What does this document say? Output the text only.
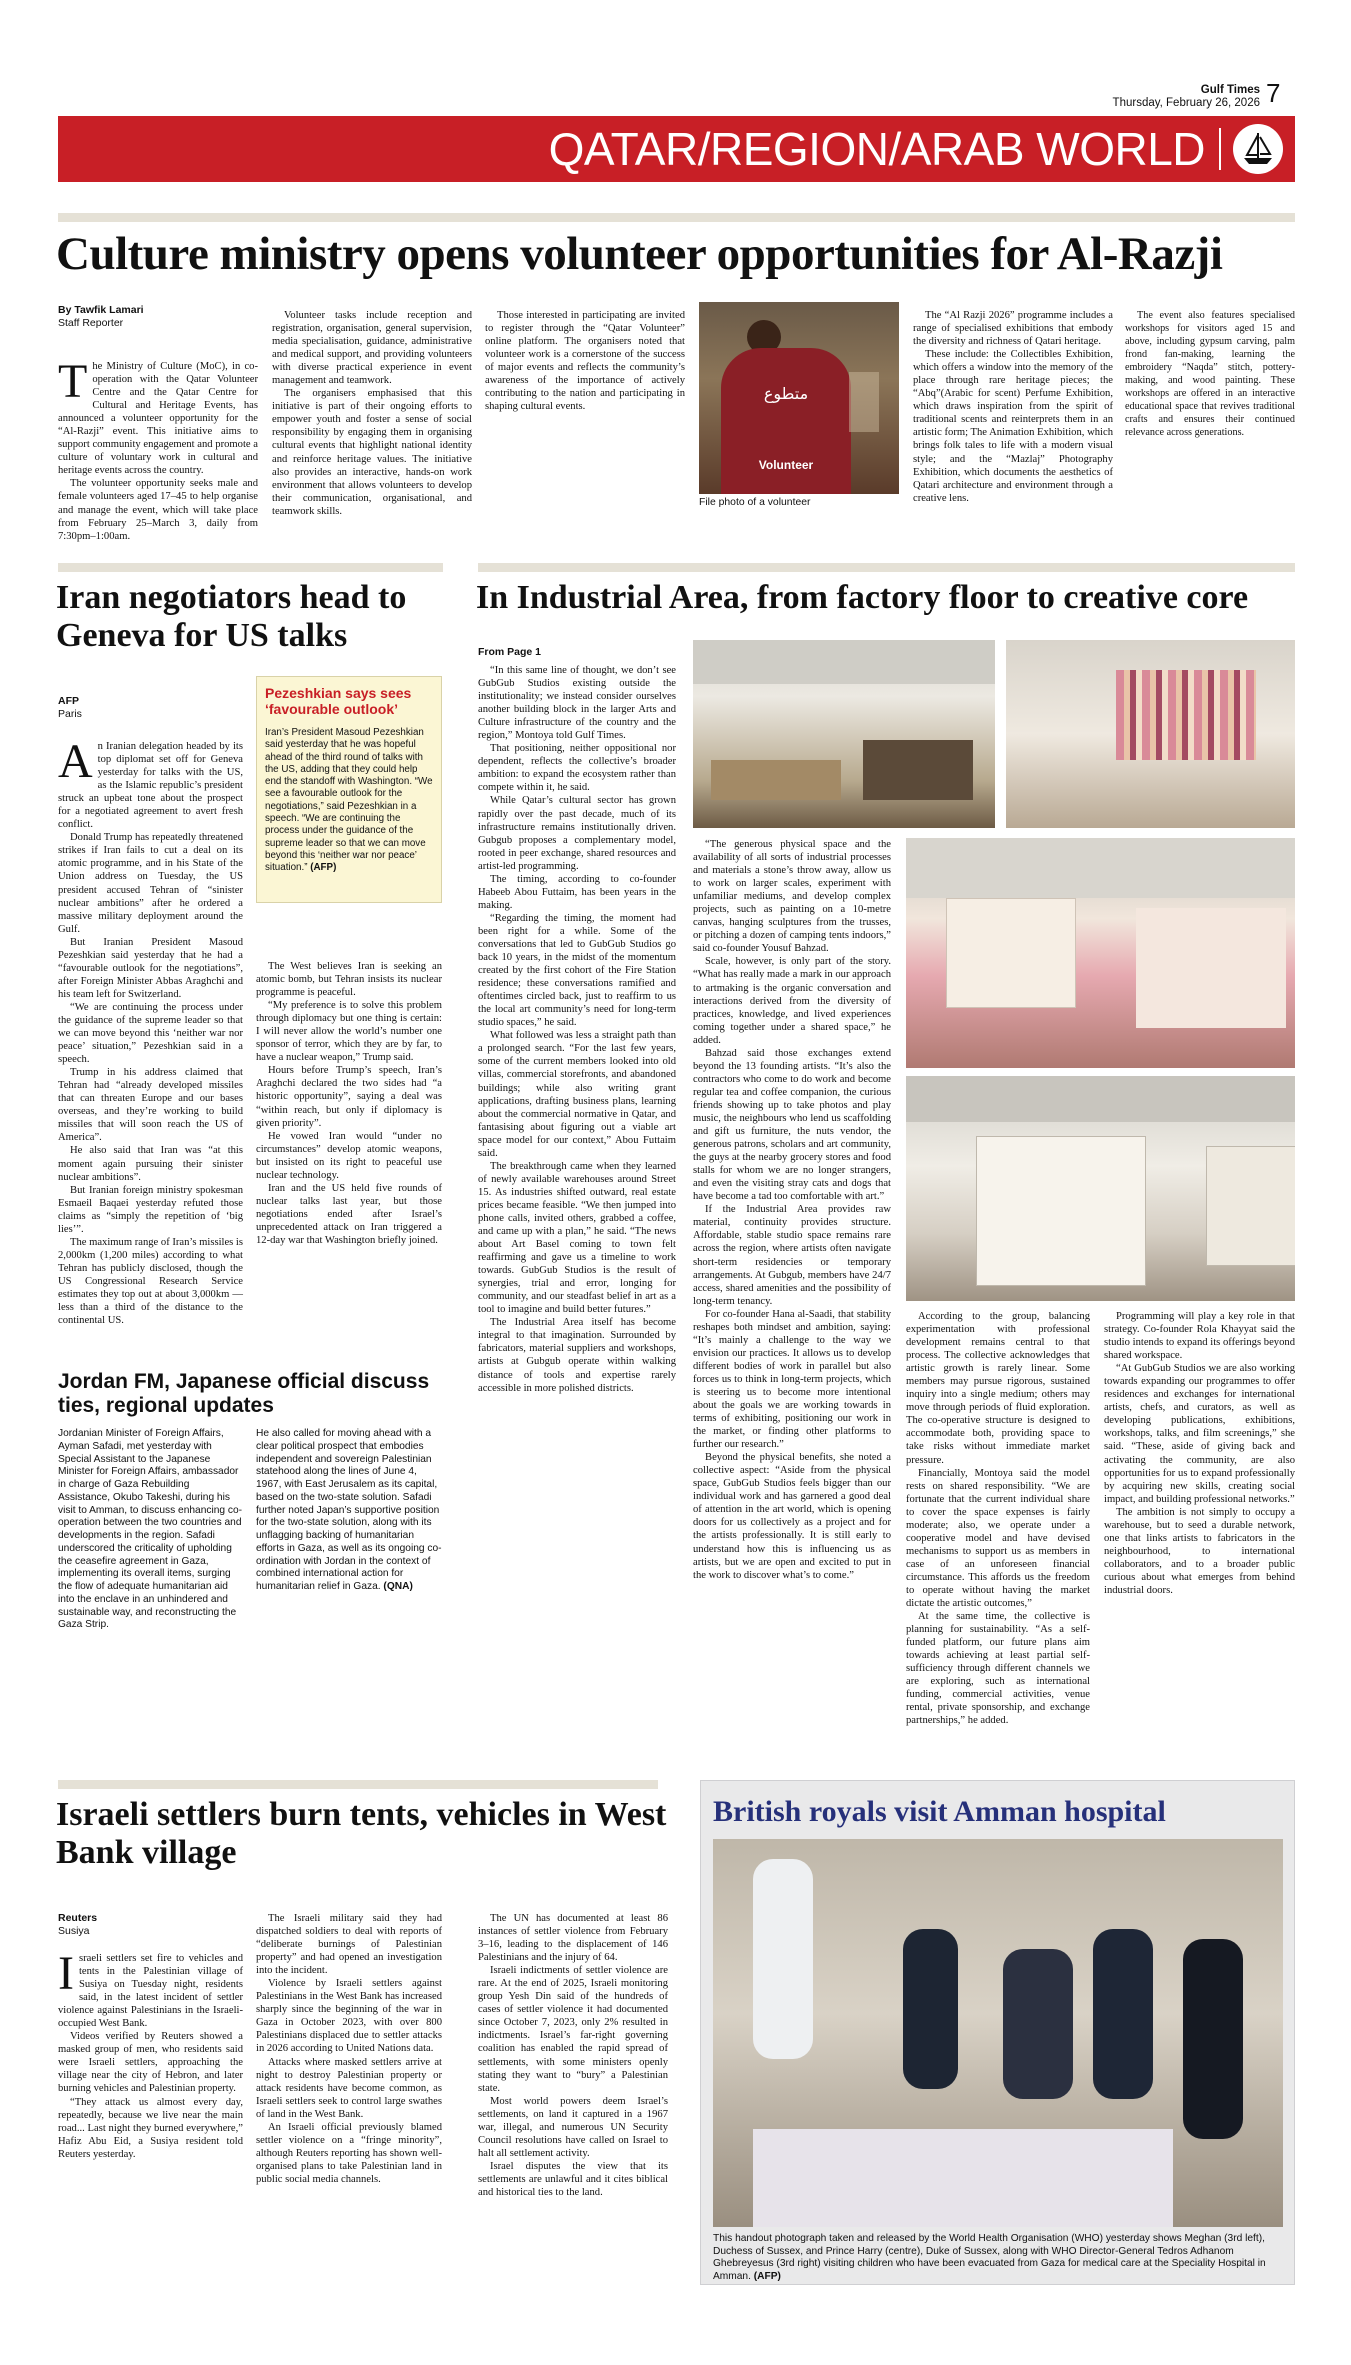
Gulf Times
Thursday, February 26, 2026 7
QATAR/REGION/ARAB WORLD
Culture ministry opens volunteer opportunities for Al-Razji
By Tawfik Lamari
Staff Reporter

The Ministry of Culture (MoC), in co-operation with the Qatar Volunteer Centre and the Qatar Centre for Cultural and Heritage Events, has announced a volunteer opportunity for the “Al-Razji” event. This initiative aims to support community engagement and promote a culture of voluntary work in cultural and heritage events across the country.

The volunteer opportunity seeks male and female volunteers aged 17–45 to help organise and manage the event, which will take place from February 25–March 3, daily from 7:30pm–1:00am.

Volunteer tasks include reception and registration, organisation, general supervision, media specialisation, guidance, administrative and medical support, and providing volunteers with diverse practical experience in event management and teamwork.

The organisers emphasised that this initiative is part of their ongoing efforts to empower youth and foster a sense of social responsibility by engaging them in organising cultural events that highlight national identity and reinforce heritage values. The initiative also provides an interactive, hands-on work environment that allows volunteers to develop their communication, organisational, and teamwork skills.

Those interested in participating are invited to register through the “Qatar Volunteer” online platform. The organisers noted that volunteer work is a cornerstone of the success of major events and reflects the community’s awareness of the importance of actively contributing to the nation and participating in shaping cultural events.

متطوع
Volunteer
File photo of a volunteer

The “Al Razji 2026” programme includes a range of specialised exhibitions that embody the diversity and richness of Qatari heritage.

These include: the Collectibles Exhibition, which offers a window into the memory of the place through rare heritage pieces; the “Abq”(Arabic for scent) Perfume Exhibition, which draws inspiration from the spirit of traditional scents and reinterprets them in an artistic form; The Animation Exhibition, which brings folk tales to life with a modern visual style; and the “Mazlaj” Photography Exhibition, which documents the aesthetics of Qatari architecture and environment through a creative lens.

The event also features specialised workshops for visitors aged 15 and above, including gypsum carving, palm frond fan-making, learning the embroidery “Naqda” stitch, pottery-making, and wood painting. These workshops are offered in an interactive educational space that revives traditional crafts and ensures their continued relevance across generations.

Iran negotiators head to Geneva for US talks
AFP
Paris

An Iranian delegation headed by its top diplomat set off for Geneva yesterday for talks with the US, as the Islamic republic’s president struck an upbeat tone about the prospect for a negotiated agreement to avert fresh conflict.

Donald Trump has repeatedly threatened strikes if Iran fails to cut a deal on its atomic programme, and in his State of the Union address on Tuesday, the US president accused Tehran of “sinister nuclear ambitions” after he ordered a massive military deployment around the Gulf.

But Iranian President Masoud Pezeshkian said yesterday that he had a “favourable outlook for the negotiations”, after Foreign Minister Abbas Araghchi and his team left for Switzerland.

“We are continuing the process under the guidance of the supreme leader so that we can move beyond this ‘neither war nor peace’ situation,” Pezeshkian said in a speech.

Trump in his address claimed that Tehran had “already developed missiles that can threaten Europe and our bases overseas, and they’re working to build missiles that will soon reach the US of America”.

He also said that Iran was “at this moment again pursuing their sinister nuclear ambitions”.

But Iranian foreign ministry spokesman Esmaeil Baqaei yesterday refuted those claims as “simply the repetition of ‘big lies’”.

The maximum range of Iran’s missiles is 2,000km (1,200 miles) according to what Tehran has publicly disclosed, though the US Congressional Research Service estimates they top out at about 3,000km — less than a third of the distance to the continental US.

Pezeshkian says sees ‘favourable outlook’
Iran’s President Masoud Pezeshkian said yesterday that he was hopeful ahead of the third round of talks with the US, adding that they could help end the standoff with Washington. “We see a favourable outlook for the negotiations,” said Pezeshkian in a speech. “We are continuing the process under the guidance of the supreme leader so that we can move beyond this ‘neither war nor peace’ situation.” (AFP)

The West believes Iran is seeking an atomic bomb, but Tehran insists its nuclear programme is peaceful.

“My preference is to solve this problem through diplomacy but one thing is certain: I will never allow the world’s number one sponsor of terror, which they are by far, to have a nuclear weapon,” Trump said.

Hours before Trump’s speech, Iran’s Araghchi declared the two sides had “a historic opportunity”, saying a deal was “within reach, but only if diplomacy is given priority”.

He vowed Iran would “under no circumstances” develop atomic weapons, but insisted on its right to peaceful use nuclear technology.

Iran and the US held five rounds of nuclear talks last year, but those negotiations ended after Israel’s unprecedented attack on Iran triggered a 12-day war that Washington briefly joined.

Jordan FM, Japanese official discuss ties, regional updates
Jordanian Minister of Foreign Affairs, Ayman Safadi, met yesterday with Special Assistant to the Japanese Minister for Foreign Affairs, ambassador in charge of Gaza Rebuilding Assistance, Okubo Takeshi, during his visit to Amman, to discuss enhancing co-operation between the two countries and developments in the region. Safadi underscored the criticality of upholding the ceasefire agreement in Gaza, implementing its overall items, surging the flow of adequate humanitarian aid into the enclave in an unhindered and sustainable way, and reconstructing the Gaza Strip.
He also called for moving ahead with a clear political prospect that embodies independent and sovereign Palestinian statehood along the lines of June 4, 1967, with East Jerusalem as its capital, based on the two-state solution. Safadi further noted Japan’s supportive position for the two-state solution, along with its unflagging backing of humanitarian efforts in Gaza, as well as its ongoing co-ordination with Jordan in the context of combined international action for humanitarian relief in Gaza. (QNA)
In Industrial Area, from factory floor to creative core
From Page 1

“In this same line of thought, we don’t see GubGub Studios existing outside the institutionality; we instead consider ourselves another building block in the larger Arts and Culture infrastructure of the country and the region,” Montoya told Gulf Times.

That positioning, neither oppositional nor dependent, reflects the collective’s broader ambition: to expand the ecosystem rather than compete within it, he said.

While Qatar’s cultural sector has grown rapidly over the past decade, much of its infrastructure remains institutionally driven. Gubgub proposes a complementary model, rooted in peer exchange, shared resources and artist-led programming.

The timing, according to co-founder Habeeb Abou Futtaim, has been years in the making.

“Regarding the timing, the moment had been right for a while. Some of the conversations that led to GubGub Studios go back 10 years, in the midst of the momentum created by the first cohort of the Fire Station residence; these conversations ramified and oftentimes circled back, just to reaffirm to us the local art community’s need for long-term studio spaces,” he said.

What followed was less a straight path than a prolonged search. “For the last few years, some of the current members looked into old villas, commercial storefronts, and abandoned buildings; while also writing grant applications, drafting business plans, learning about the commercial normative in Qatar, and fantasising about figuring out a viable art space model for our context,” Abou Futtaim said.

The breakthrough came when they learned of newly available warehouses around Street 15. As industries shifted outward, real estate prices became feasible. “We then jumped into phone calls, invited others, grabbed a coffee, and came up with a plan,” he said. “The news about Art Basel coming to town felt reaffirming and gave us a timeline to work towards. GubGub Studios is the result of synergies, trial and error, longing for community, and our steadfast belief in art as a tool to imagine and build better futures.”

The Industrial Area itself has become integral to that imagination. Surrounded by fabricators, material suppliers and workshops, artists at Gubgub operate within walking distance of tools and expertise rarely accessible in more polished districts.

“The generous physical space and the availability of all sorts of industrial processes and materials a stone’s throw away, allow us to work on larger scales, experiment with unfamiliar mediums, and develop complex projects, such as painting on a 10-metre canvas, hanging sculptures from the trusses, or pitching a dozen of camping tents indoors,” said co-founder Yousuf Bahzad.

Scale, however, is only part of the story. “What has really made a mark in our approach to artmaking is the organic conversation and interactions derived from the diversity of practices, knowledge, and lived experiences coming together under a shared space,” he added.

Bahzad said those exchanges extend beyond the 13 founding artists. “It’s also the contractors who come to do work and become regular tea and coffee companion, the curious friends showing up to take photos and play music, the neighbours who lend us scaffolding and gift us furniture, the nuts vendor, the generous patrons, scholars and art community, the guys at the nearby grocery stores and food stalls for whom we are no longer strangers, and even the visiting stray cats and dogs that have become a tad too comfortable with art.”

If the Industrial Area provides raw material, continuity provides structure. Affordable, stable studio space remains rare across the region, where artists often navigate short-term residencies or temporary arrangements. At Gubgub, members have 24/7 access, shared amenities and the possibility of long-term tenancy.

For co-founder Hana al-Saadi, that stability reshapes both mindset and ambition, saying: “It’s mainly a challenge to the way we envision our practices. It allows us to develop different bodies of work in parallel but also forces us to think in long-term projects, which is steering us to become more intentional about the goals we are working towards in terms of exhibiting, positioning our work in the market, or finding other platforms to further our research.”

Beyond the physical benefits, she noted a collective aspect: “Aside from the physical space, GubGub Studios feels bigger than our individual work and has garnered a good deal of attention in the art world, which is opening doors for us collectively as a project and for the artists professionally. It is still early to understand how this is influencing us as artists, but we are open and excited to put in the work to discover what’s to come.”

According to the group, balancing experimentation with professional development remains central to that process. The collective acknowledges that artistic growth is rarely linear. Some members may pursue rigorous, sustained inquiry into a single medium; others may move through periods of fluid exploration. The co-operative structure is designed to accommodate both, providing space to take risks without immediate market pressure.

Financially, Montoya said the model rests on shared responsibility. “We are fortunate that the current individual share to cover the space expenses is fairly moderate; also, we operate under a cooperative model and have devised mechanisms to support us as members in case of an unforeseen financial circumstance. This affords us the freedom to operate without having the market dictate the artistic outcomes,”

At the same time, the collective is planning for sustainability. “As a self-funded platform, our future plans aim towards achieving at least partial self-sufficiency through different channels we are exploring, such as international funding, commercial activities, venue rental, private sponsorship, and exchange partnerships,” he added.

Programming will play a key role in that strategy. Co-founder Rola Khayyat said the studio intends to expand its offerings beyond shared workspace.

“At GubGub Studios we are also working towards expanding our programmes to offer residences and exchanges for international artists, chefs, and curators, as well as developing publications, exhibitions, workshops, talks, and film screenings,” she said. “These, aside of giving back and activating the community, are also opportunities for us to expand professionally by acquiring new skills, creating social impact, and building professional networks.”

The ambition is not simply to occupy a warehouse, but to seed a durable network, one that links artists to fabricators in the neighbourhood, to international collaborators, and to a broader public curious about what emerges from behind industrial doors.

Israeli settlers burn tents, vehicles in West Bank village
Reuters
Susiya

Israeli settlers set fire to vehicles and tents in the Palestinian village of Susiya on Tuesday night, residents said, in the latest incident of settler violence against Palestinians in the Israeli-occupied West Bank.

Videos verified by Reuters showed a masked group of men, who residents said were Israeli settlers, approaching the village near the city of Hebron, and later burning vehicles and Palestinian property.

“They attack us almost every day, repeatedly, because we live near the main road... Last night they burned everywhere,” Hafiz Abu Eid, a Susiya resident told Reuters yesterday.

The Israeli military said they had dispatched soldiers to deal with reports of “deliberate burnings of Palestinian property” and had opened an investigation into the incident.

Violence by Israeli settlers against Palestinians in the West Bank has increased sharply since the beginning of the war in Gaza in October 2023, with over 800 Palestinians displaced due to settler attacks in 2026 according to United Nations data.

Attacks where masked settlers arrive at night to destroy Palestinian property or attack residents have become common, as Israeli settlers seek to control large swathes of land in the West Bank.

An Israeli official previously blamed settler violence on a “fringe minority”, although Reuters reporting has shown well-organised plans to take Palestinian land in public social media channels.

The UN has documented at least 86 instances of settler violence from February 3–16, leading to the displacement of 146 Palestinians and the injury of 64.

Israeli indictments of settler violence are rare. At the end of 2025, Israeli monitoring group Yesh Din said of the hundreds of cases of settler violence it had documented since October 7, 2023, only 2% resulted in indictments. Israel’s far-right governing coalition has enabled the rapid spread of settlements, with some ministers openly stating they want to “bury” a Palestinian state.

Most world powers deem Israel’s settlements, on land it captured in a 1967 war, illegal, and numerous UN Security Council resolutions have called on Israel to halt all settlement activity.

Israel disputes the view that its settlements are unlawful and it cites biblical and historical ties to the land.

British royals visit Amman hospital
This handout photograph taken and released by the World Health Organisation (WHO) yesterday shows Meghan (3rd left), Duchess of Sussex, and Prince Harry (centre), Duke of Sussex, along with WHO Director-General Tedros Adhanom Ghebreyesus (3rd right) visiting children who have been evacuated from Gaza for medical care at the Speciality Hospital in Amman. (AFP)
